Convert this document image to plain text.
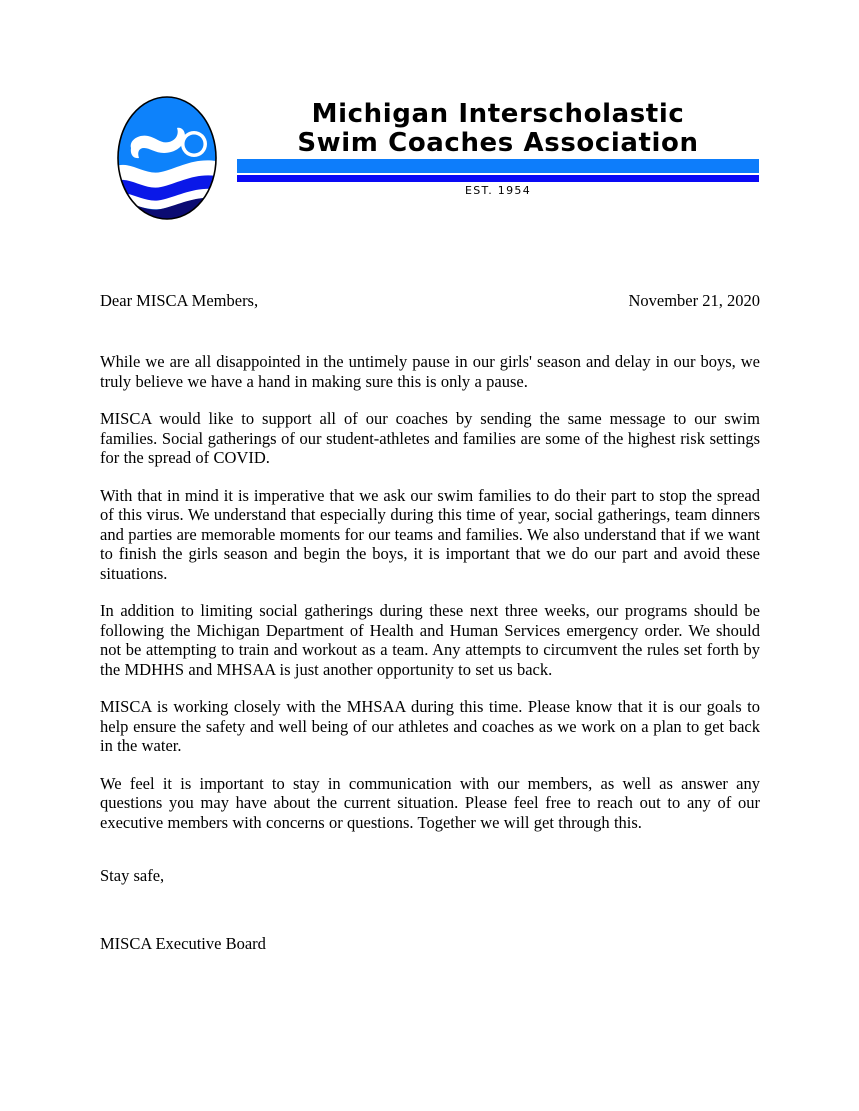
Michigan Interscholastic
Swim Coaches Association
EST. 1954
Dear MISCA Members,	November 21, 2020

While we are all disappointed in the untimely pause in our girls' season and delay in our boys, we truly believe we have a hand in making sure this is only a pause.

MISCA would like to support all of our coaches by sending the same message to our swim families. Social gatherings of our student-athletes and families are some of the highest risk settings for the spread of COVID.

With that in mind it is imperative that we ask our swim families to do their part to stop the spread of this virus. We understand that especially during this time of year, social gatherings, team dinners and parties are memorable moments for our teams and families. We also understand that if we want to finish the girls season and begin the boys, it is important that we do our part and avoid these situations.

In addition to limiting social gatherings during these next three weeks, our programs should be following the Michigan Department of Health and Human Services emergency order. We should not be attempting to train and workout as a team. Any attempts to circumvent the rules set forth by the MDHHS and MHSAA is just another opportunity to set us back.

MISCA is working closely with the MHSAA during this time. Please know that it is our goals to help ensure the safety and well being of our athletes and coaches as we work on a plan to get back in the water.

We feel it is important to stay in communication with our members, as well as answer any questions you may have about the current situation. Please feel free to reach out to any of our executive members with concerns or questions. Together we will get through this.

Stay safe,

MISCA Executive Board
